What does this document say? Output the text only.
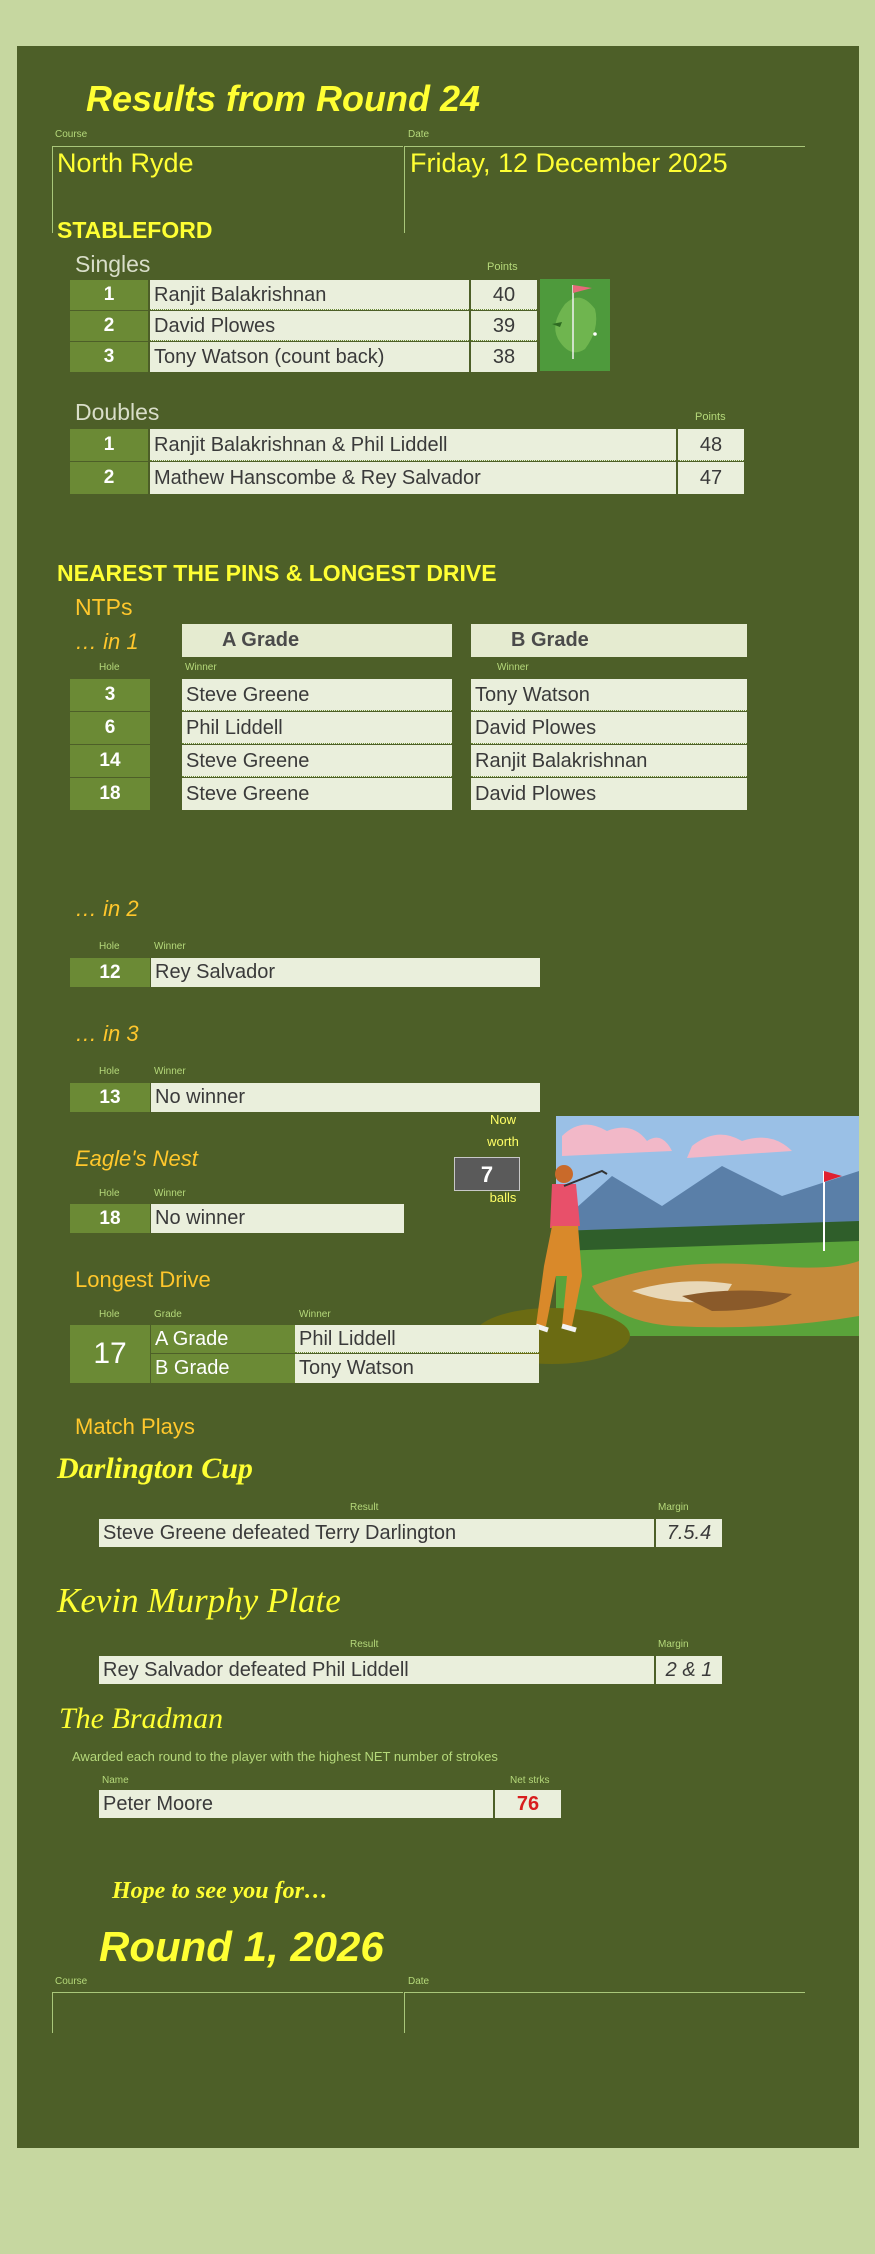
Results from Round 24
Course
North Ryde
Date
Friday, 12 December 2025
STABLEFORD
Singles	Points
1	Ranjit Balakrishnan	40
2	David Plowes	39
3	Tony Watson (count back)	38
Doubles	Points
1	Ranjit Balakrishnan & Phil Liddell	48
2	Mathew Hanscombe & Rey Salvador	47
NEAREST THE PINS & LONGEST DRIVE
NTPs
… in 1	A Grade	B Grade
Hole	Winner	Winner
3	Steve Greene	Tony Watson
6	Phil Liddell	David Plowes
14	Steve Greene	Ranjit Balakrishnan
18	Steve Greene	David Plowes
… in 2
Hole	Winner
12	Rey Salvador
… in 3
Hole	Winner
13	No winner
Eagle's Nest
Hole	Winner
18	No winner
Now
worth
7
balls
Longest Drive
Hole	Grade	Winner
17	A Grade	Phil Liddell
B Grade	Tony Watson
Match Plays
Darlington Cup
Result	Margin
Steve Greene defeated Terry Darlington	7.5.4
Kevin Murphy Plate
Result	Margin
Rey Salvador defeated Phil Liddell	2 & 1
The Bradman
Awarded each round to the player with the highest NET number of strokes
Name	Net strks
Peter Moore	76
Hope to see you for…
Round 1, 2026
Course	Date
